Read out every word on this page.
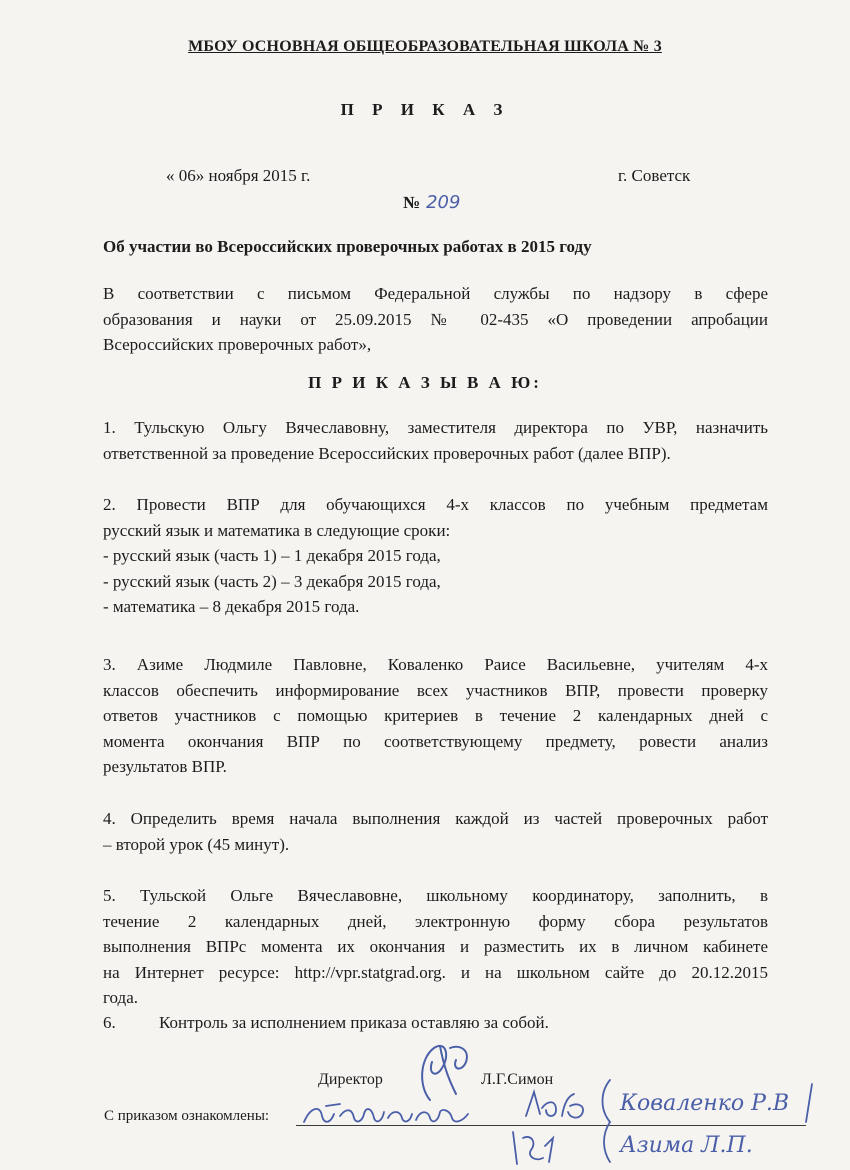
МБОУ ОСНОВНАЯ ОБЩЕОБРАЗОВАТЕЛЬНАЯ ШКОЛА № 3
П Р И К А З
« 06» ноября 2015 г.	г. Советск
№ 209
Об участии во Всероссийских проверочных работах в 2015 году
В соответствии с письмом Федеральной службы по надзору в сфере
образования и науки от 25.09.2015 № 02-435 «О проведении апробации
Всероссийских проверочных работ»,
П Р И К А З Ы В А Ю:
1. Тульскую Ольгу Вячеславовну, заместителя директора по УВР, назначить
ответственной за проведение Всероссийских проверочных работ (далее ВПР).
2. Провести ВПР для обучающихся 4-х классов по учебным предметам
русский язык и математика в следующие сроки:
- русский язык (часть 1) – 1 декабря 2015 года,
- русский язык (часть 2) – 3 декабря 2015 года,
- математика – 8 декабря 2015 года.
3. Азиме Людмиле Павловне, Коваленко Раисе Васильевне, учителям 4-х
классов обеспечить информирование всех участников ВПР, провести проверку
ответов участников с помощью критериев в течение 2 календарных дней с
момента окончания ВПР по соответствующему предмету, ровести анализ
результатов ВПР.
4. Определить время начала выполнения каждой из частей проверочных работ
– второй урок (45 минут).
5. Тульской Ольге Вячеславовне, школьному координатору, заполнить, в
течение 2 календарных дней, электронную форму сбора результатов
выполнения ВПРс момента их окончания и разместить их в личном кабинете
на Интернет ресурсе: http://vpr.statgrad.org. и на школьном сайте до 20.12.2015
года.
6.	Контроль за исполнением приказа оставляю за собой.
Директор	Л.Г.Симон
С приказом ознакомлены:	Коваленко Р.В
Азима Л.П.
